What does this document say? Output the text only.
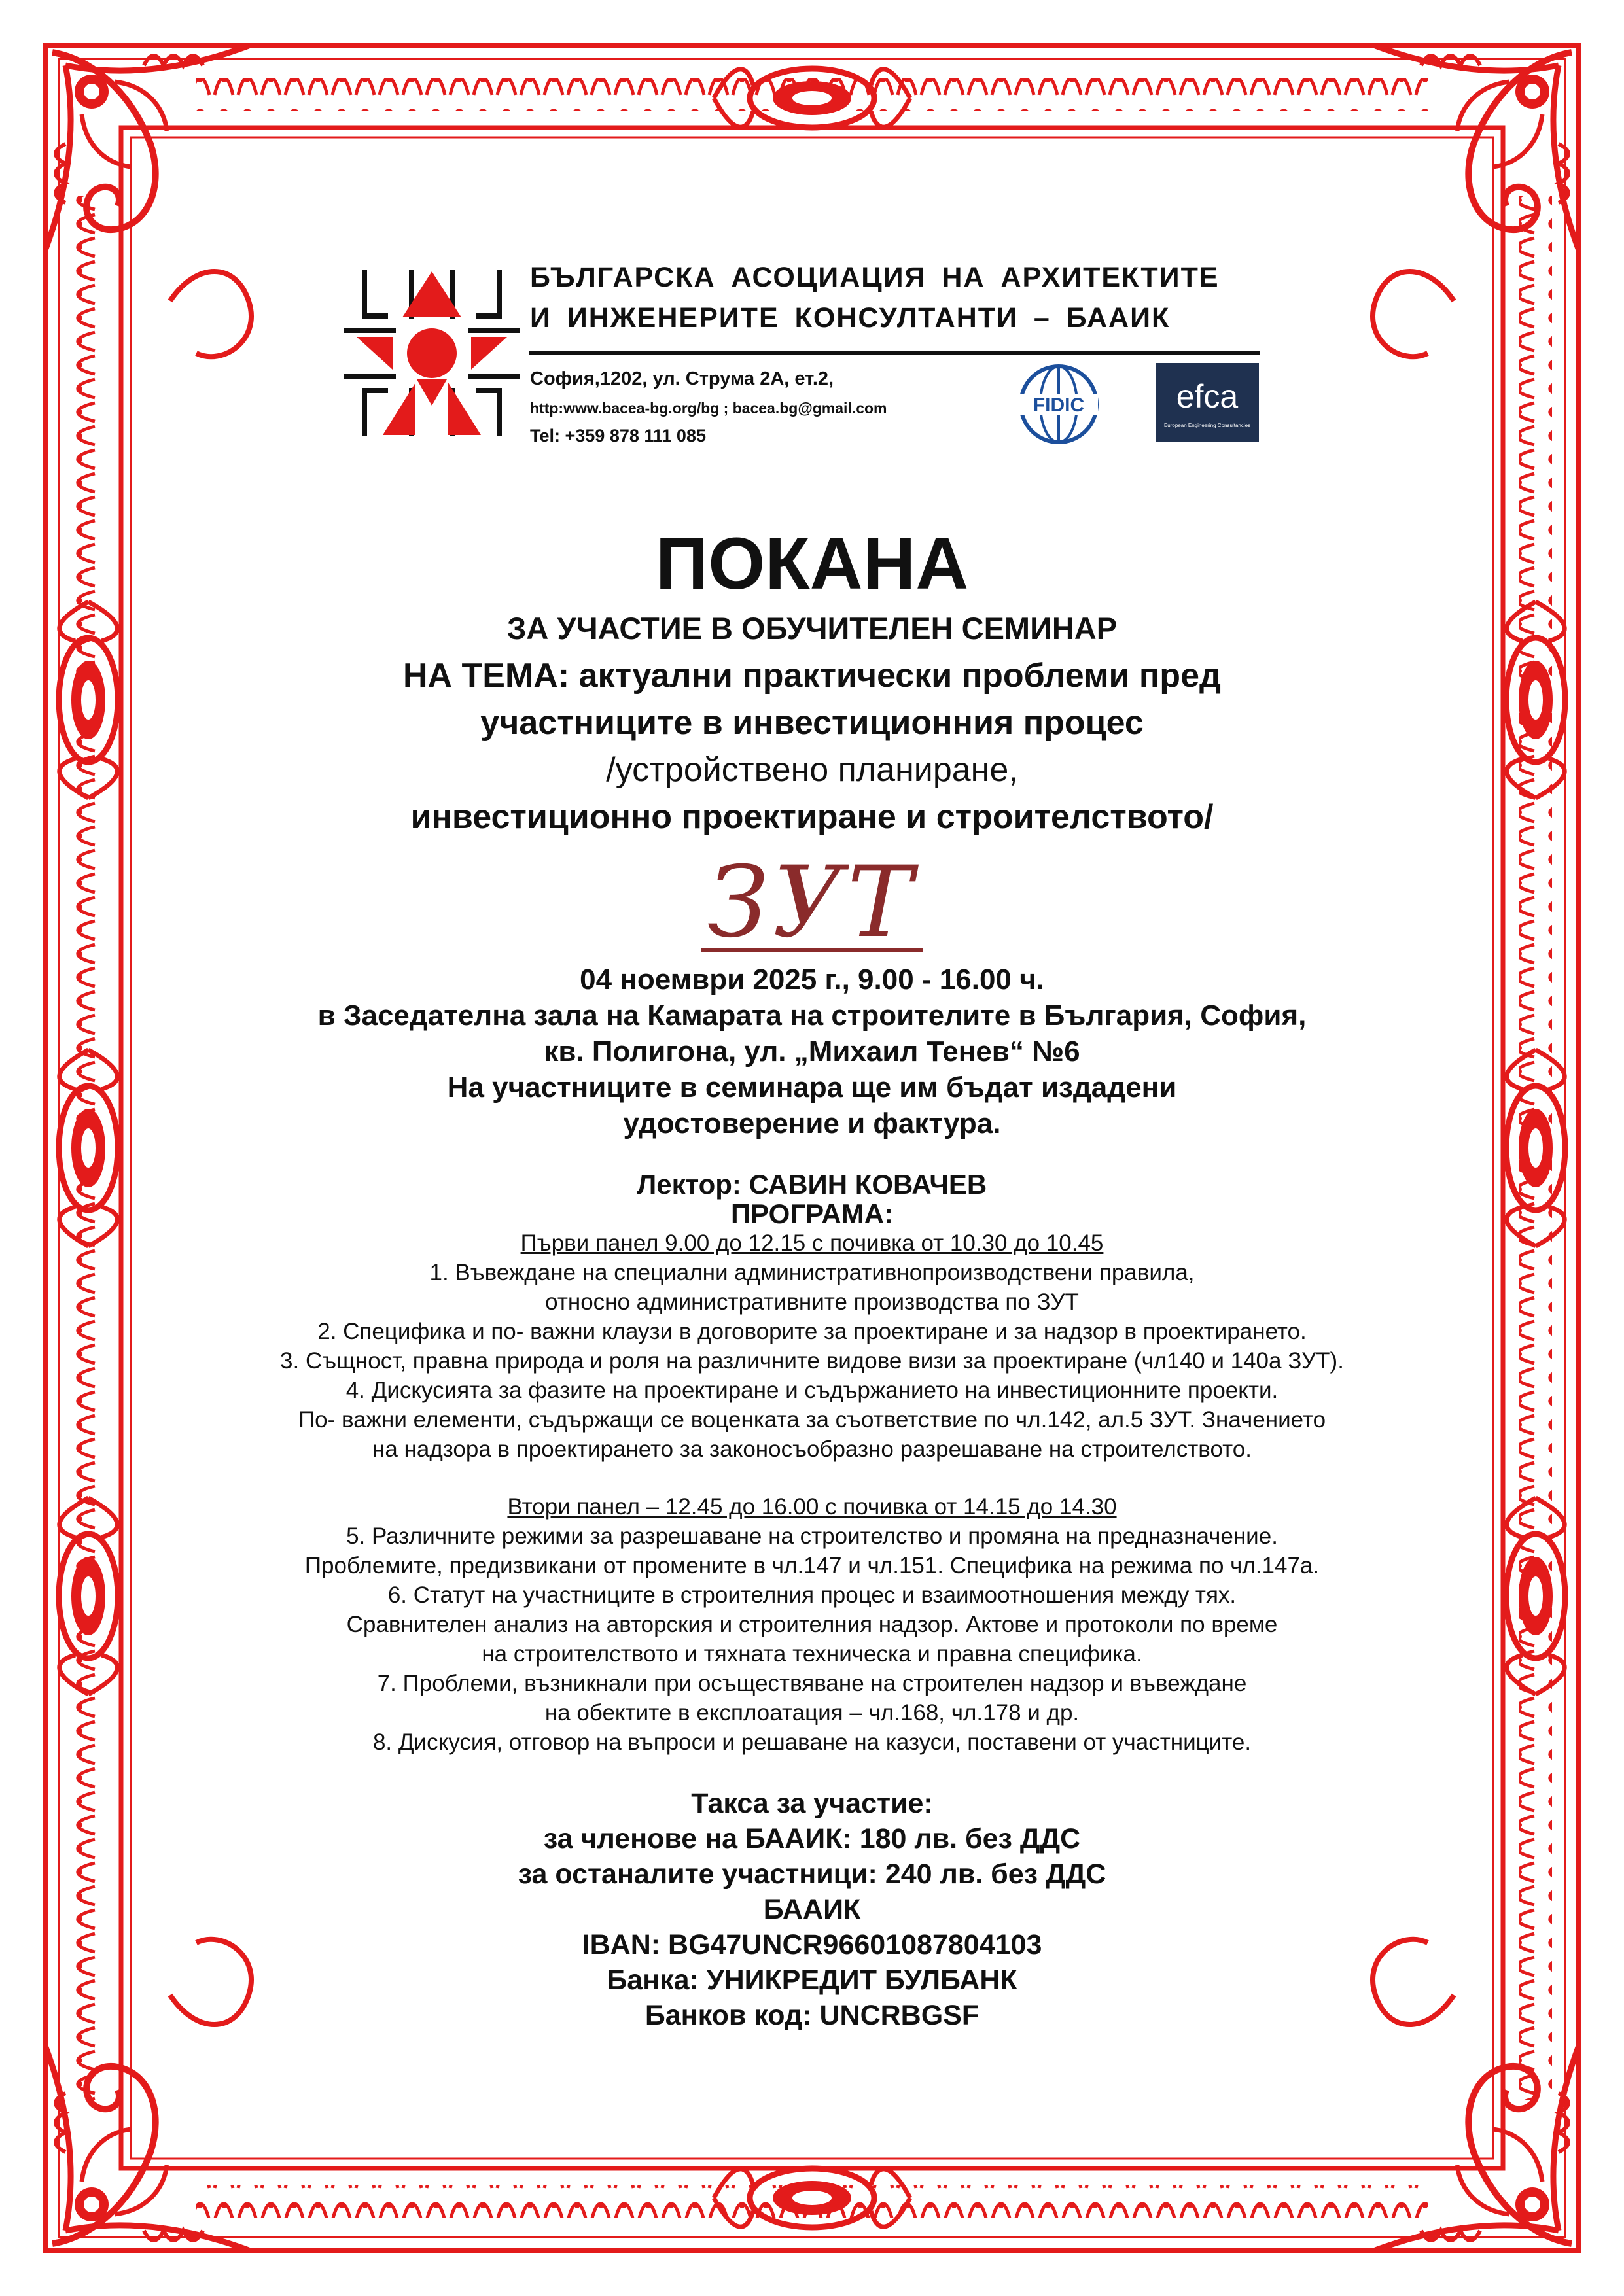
БЪЛГАРСКА АСОЦИАЦИЯ НА АРХИТЕКТИТЕ
И ИНЖЕНЕРИТЕ КОНСУЛТАНТИ – БААИК
София,1202, ул. Струма 2А, ет.2,
http:www.bacea-bg.org/bg ; bacea.bg@gmail.com
Tel: +359 878 111 085
FIDIC	efca
European Engineering Consultancies
ПОКАНА
ЗА УЧАСТИЕ В ОБУЧИТЕЛЕН СЕМИНАР
НА ТЕМА: актуални практически проблеми пред
участниците в инвестиционния процес
/устройствено планиране,
инвестиционно проектиране и строителството/
ЗУТ
04 ноември 2025 г., 9.00 - 16.00 ч.
в Заседателна зала на Камарата на строителите в България, София,
кв. Полигона, ул. „Михаил Тенев“ №6
На участниците в семинара ще им бъдат издадени
удостоверение и фактура.
Лектор: САВИН КОВАЧЕВ
ПРОГРАМА:
Първи панел 9.00 до 12.15 с почивка от 10.30 до 10.45
1. Въвеждане на специални административнопроизводствени правила,
относно административните производства по ЗУТ
2. Специфика и по- важни клаузи в договорите за проектиране и за надзор в проектирането.
3. Същност, правна природа и роля на различните видове визи за проектиране (чл140 и 140а ЗУТ).
4. Дискусията за фазите на проектиране и съдържанието на инвестиционните проекти.
По- важни елементи, съдържащи се воценката за съответствие по чл.142, ал.5 ЗУТ. Значението
на надзора в проектирането за законосъобразно разрешаване на строителството.
Втори панел – 12.45 до 16.00 с почивка от 14.15 до 14.30
5. Различните режими за разрешаване на строителство и промяна на предназначение.
Проблемите, предизвикани от промените в чл.147 и чл.151. Специфика на режима по чл.147а.
6. Статут на участниците в строителния процес и взаимоотношения между тях.
Сравнителен анализ на авторския и строителния надзор. Актове и протоколи по време
на строителството и тяхната техническа и правна специфика.
7. Проблеми, възникнали при осъществяване на строителен надзор и въвеждане
на обектите в експлоатация – чл.168, чл.178 и др.
8. Дискусия, отговор на въпроси и решаване на казуси, поставени от участниците.
Такса за участие:
за членове на БААИК: 180 лв. без ДДС
за останалите участници: 240 лв. без ДДС
БААИК
IBAN: BG47UNCR96601087804103
Банка: УНИКРЕДИТ БУЛБАНК
Банков код: UNCRBGSF
